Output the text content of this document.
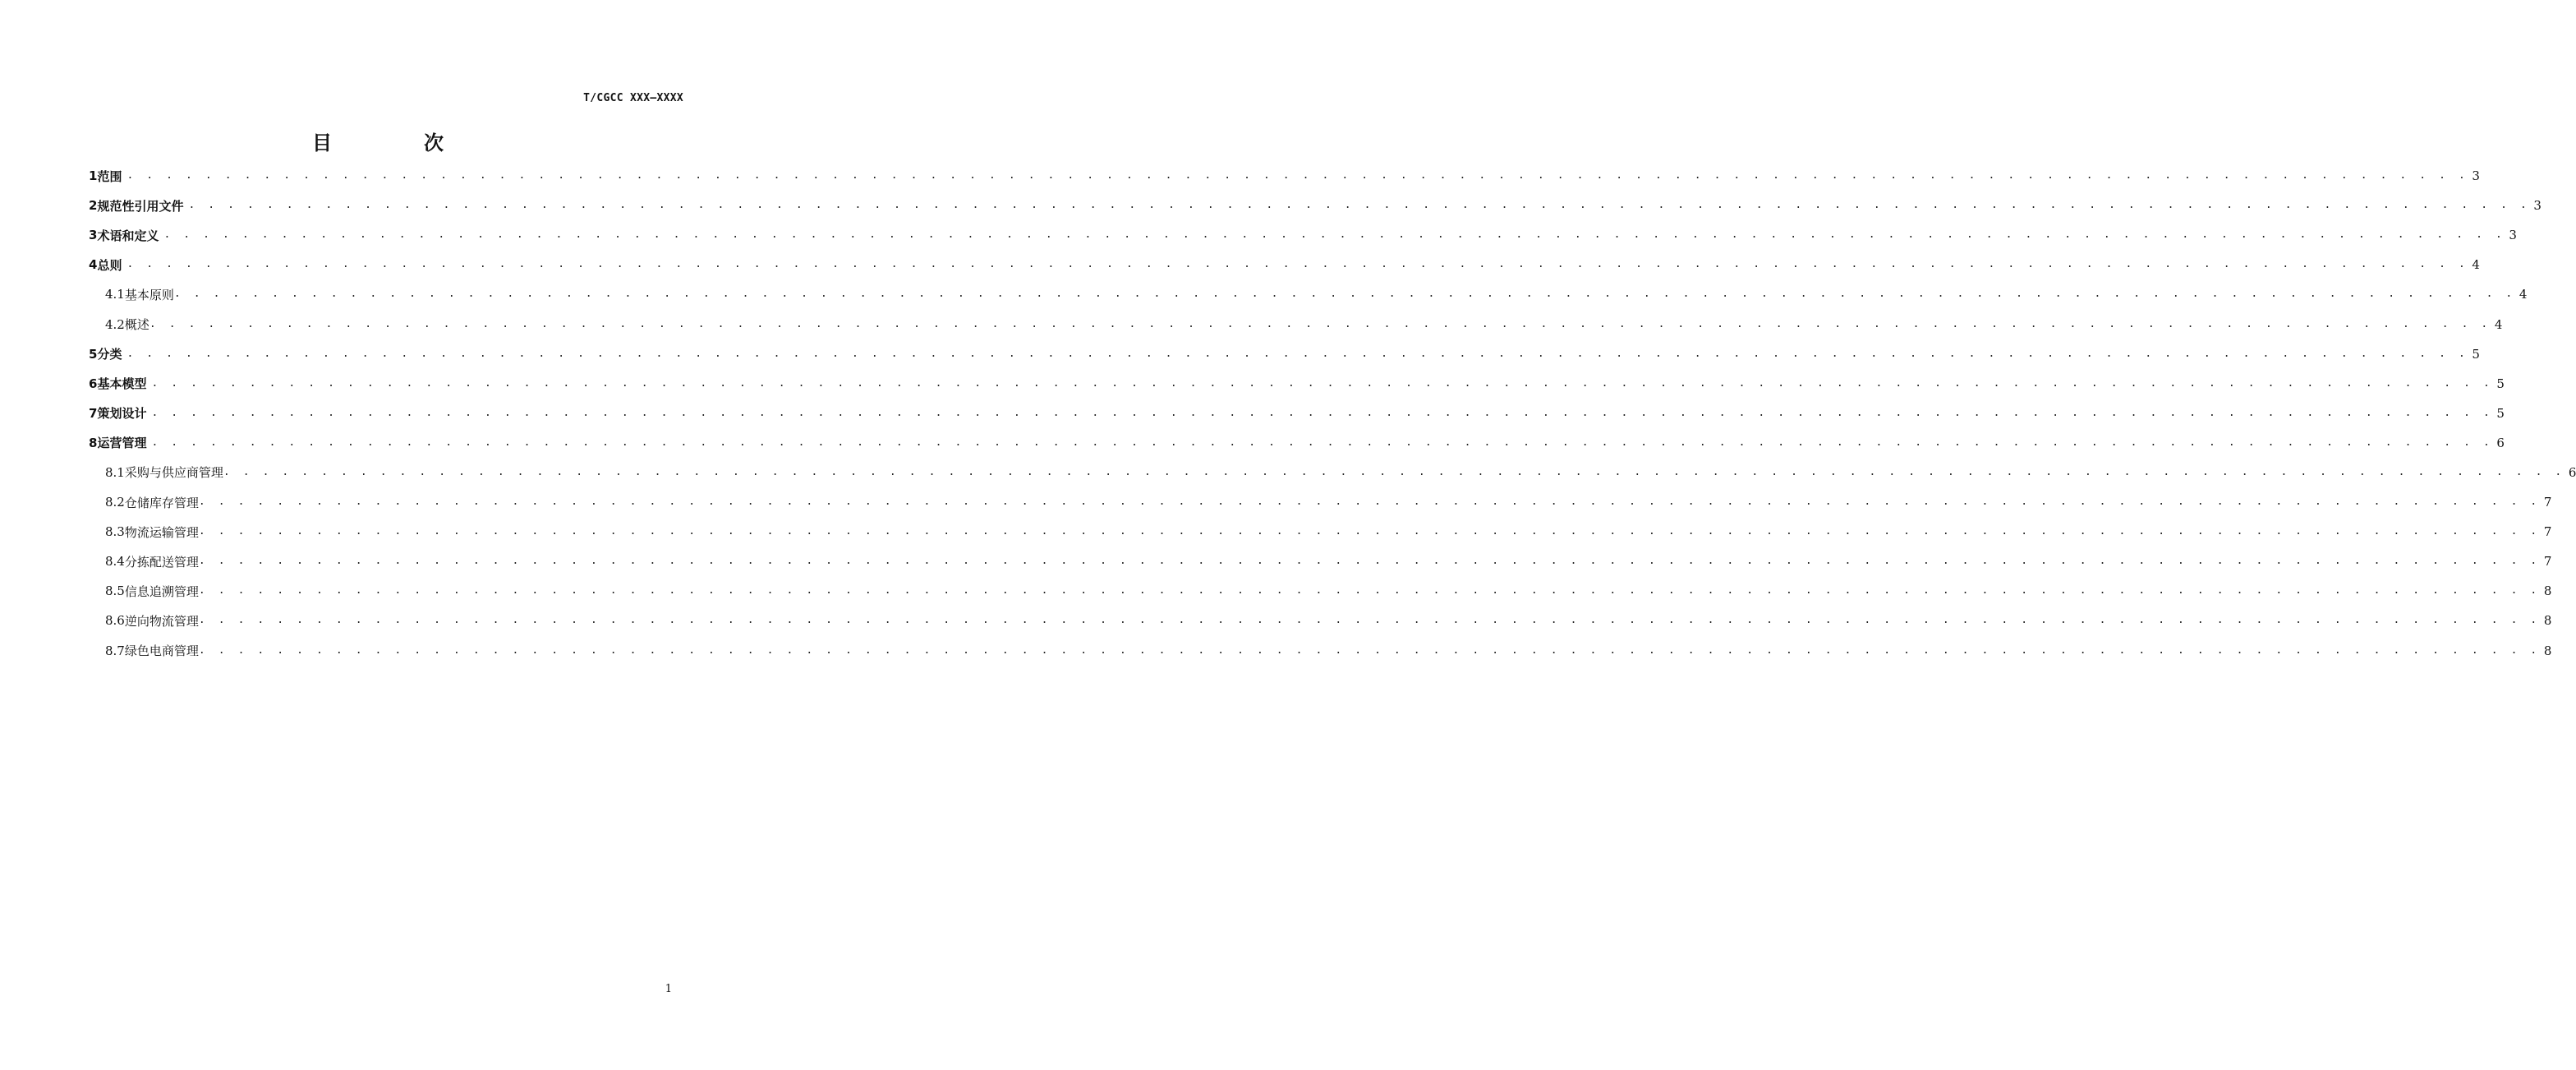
T/CGCC XXX—XXXX
目　次
1 范围 . . . . . . . . . . . . . . . . . . . . . . . . . . . . . . . . . . . . . . . . . . . . . . . . . . . . . . . . . . . . . . . . . . . . . . . . . . . . . . . . . . . . . . . . . . . . . . . . . . . . . . . . . . . . . . . . . . . . . . . . 3
2 规范性引用文件 . . . . . . . . . . . . . . . . . . . . . . . . . . . . . . . . . . . . . . . . . . . . . . . . . . . . . . . . . . . . . . . . . . . . . . . . . . . . . . . . . . . . . . . . . . . . . . . . . . . . . . . . . . . . . . . . . . . . . . . . 3
3 术语和定义 . . . . . . . . . . . . . . . . . . . . . . . . . . . . . . . . . . . . . . . . . . . . . . . . . . . . . . . . . . . . . . . . . . . . . . . . . . . . . . . . . . . . . . . . . . . . . . . . . . . . . . . . . . . . . . . . . . . . . . . . 3
4 总则 . . . . . . . . . . . . . . . . . . . . . . . . . . . . . . . . . . . . . . . . . . . . . . . . . . . . . . . . . . . . . . . . . . . . . . . . . . . . . . . . . . . . . . . . . . . . . . . . . . . . . . . . . . . . . . . . . . . . . . . . 4
4.1 基本原则 . . . . . . . . . . . . . . . . . . . . . . . . . . . . . . . . . . . . . . . . . . . . . . . . . . . . . . . . . . . . . . . . . . . . . . . . . . . . . . . . . . . . . . . . . . . . . . . . . . . . . . . . . . . . . . . . . . . . . . . . 4
4.2 概述 . . . . . . . . . . . . . . . . . . . . . . . . . . . . . . . . . . . . . . . . . . . . . . . . . . . . . . . . . . . . . . . . . . . . . . . . . . . . . . . . . . . . . . . . . . . . . . . . . . . . . . . . . . . . . . . . . . . . . . . . 4
5 分类 . . . . . . . . . . . . . . . . . . . . . . . . . . . . . . . . . . . . . . . . . . . . . . . . . . . . . . . . . . . . . . . . . . . . . . . . . . . . . . . . . . . . . . . . . . . . . . . . . . . . . . . . . . . . . . . . . . . . . . . . 5
6 基本模型 . . . . . . . . . . . . . . . . . . . . . . . . . . . . . . . . . . . . . . . . . . . . . . . . . . . . . . . . . . . . . . . . . . . . . . . . . . . . . . . . . . . . . . . . . . . . . . . . . . . . . . . . . . . . . . . . . . . . . . . . 5
7 策划设计 . . . . . . . . . . . . . . . . . . . . . . . . . . . . . . . . . . . . . . . . . . . . . . . . . . . . . . . . . . . . . . . . . . . . . . . . . . . . . . . . . . . . . . . . . . . . . . . . . . . . . . . . . . . . . . . . . . . . . . . . 5
8 运营管理 . . . . . . . . . . . . . . . . . . . . . . . . . . . . . . . . . . . . . . . . . . . . . . . . . . . . . . . . . . . . . . . . . . . . . . . . . . . . . . . . . . . . . . . . . . . . . . . . . . . . . . . . . . . . . . . . . . . . . . . . 6
8.1 采购与供应商管理 . . . . . . . . . . . . . . . . . . . . . . . . . . . . . . . . . . . . . . . . . . . . . . . . . . . . . . . . . . . . . . . . . . . . . . . . . . . . . . . . . . . . . . . . . . . . . . . . . . . . . . . . . . . . . . . . . . . . . . . . 6
8.2 仓储库存管理 . . . . . . . . . . . . . . . . . . . . . . . . . . . . . . . . . . . . . . . . . . . . . . . . . . . . . . . . . . . . . . . . . . . . . . . . . . . . . . . . . . . . . . . . . . . . . . . . . . . . . . . . . . . . . . . . . . . . . . . . 7
8.3 物流运输管理 . . . . . . . . . . . . . . . . . . . . . . . . . . . . . . . . . . . . . . . . . . . . . . . . . . . . . . . . . . . . . . . . . . . . . . . . . . . . . . . . . . . . . . . . . . . . . . . . . . . . . . . . . . . . . . . . . . . . . . . . 7
8.4 分拣配送管理 . . . . . . . . . . . . . . . . . . . . . . . . . . . . . . . . . . . . . . . . . . . . . . . . . . . . . . . . . . . . . . . . . . . . . . . . . . . . . . . . . . . . . . . . . . . . . . . . . . . . . . . . . . . . . . . . . . . . . . . . 7
8.5 信息追溯管理 . . . . . . . . . . . . . . . . . . . . . . . . . . . . . . . . . . . . . . . . . . . . . . . . . . . . . . . . . . . . . . . . . . . . . . . . . . . . . . . . . . . . . . . . . . . . . . . . . . . . . . . . . . . . . . . . . . . . . . . . 8
8.6 逆向物流管理 . . . . . . . . . . . . . . . . . . . . . . . . . . . . . . . . . . . . . . . . . . . . . . . . . . . . . . . . . . . . . . . . . . . . . . . . . . . . . . . . . . . . . . . . . . . . . . . . . . . . . . . . . . . . . . . . . . . . . . . . 8
8.7 绿色电商管理 . . . . . . . . . . . . . . . . . . . . . . . . . . . . . . . . . . . . . . . . . . . . . . . . . . . . . . . . . . . . . . . . . . . . . . . . . . . . . . . . . . . . . . . . . . . . . . . . . . . . . . . . . . . . . . . . . . . . . . . . 8
1
